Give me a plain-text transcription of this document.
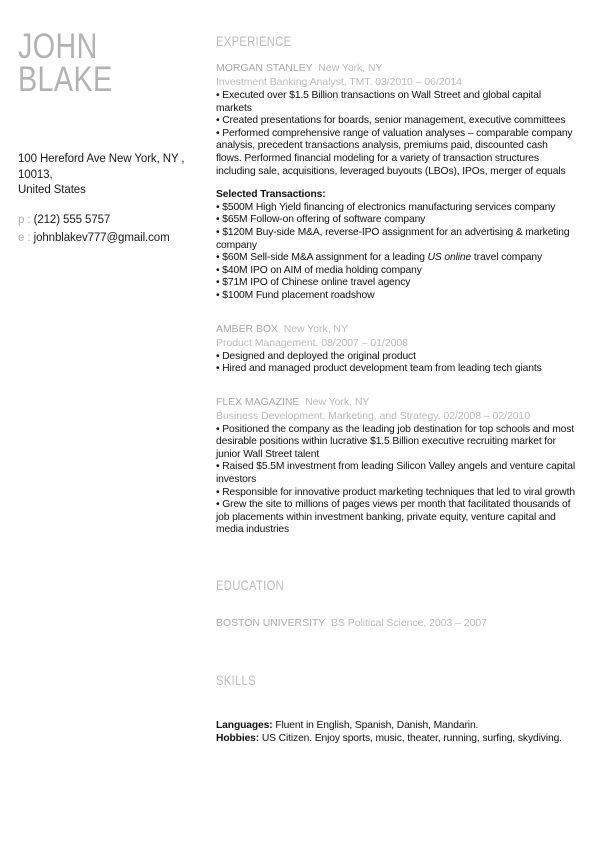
JOHN
BLAKE
100 Hereford Ave New York, NY , 10013,
United States
p : (212) 555 5757
e : johnblakev777@gmail.com
EXPERIENCE
MORGAN STANLEY New York, NY
Investment Banking Analyst, TMT. 03/2010 – 06/2014

• Executed over $1.5 Billion transactions on Wall Street and global capital markets

• Created presentations for boards, senior management, executive committees

• Performed comprehensive range of valuation analyses – comparable company analysis, precedent transactions analysis, premiums paid, discounted cash flows. Performed financial modeling for a variety of transaction structures including sale, acquisitions, leveraged buyouts (LBOs), IPOs, merger of equals

Selected Transactions:

• $500M High Yield financing of electronics manufacturing services company

• $65M Follow-on offering of software company

• $120M Buy-side M&A, reverse-IPO assignment for an advertising & marketing company

• $60M Sell-side M&A assignment for a leading US online travel company

• $40M IPO on AIM of media holding company

• $71M IPO of Chinese online travel agency

• $100M Fund placement roadshow

AMBER BOX New York, NY
Product Management. 08/2007 – 01/2008

• Designed and deployed the original product

• Hired and managed product development team from leading tech giants

FLEX MAGAZINE New York, NY
Business Development, Marketing, and Strategy. 02/2008 – 02/2010

• Positioned the company as the leading job destination for top schools and most desirable positions within lucrative $1.5 Billion executive recruiting market for junior Wall Street talent

• Raised $5.5M investment from leading Silicon Valley angels and venture capital investors

• Responsible for innovative product marketing techniques that led to viral growth

• Grew the site to millions of pages views per month that facilitated thousands of job placements within investment banking, private equity, venture capital and media industries

EDUCATION
BOSTON UNIVERSITY BS Political Science, 2003 – 2007
SKILLS
Languages: Fluent in English, Spanish, Danish, Mandarin.
Hobbies: US Citizen. Enjoy sports, music, theater, running, surfing, skydiving.
